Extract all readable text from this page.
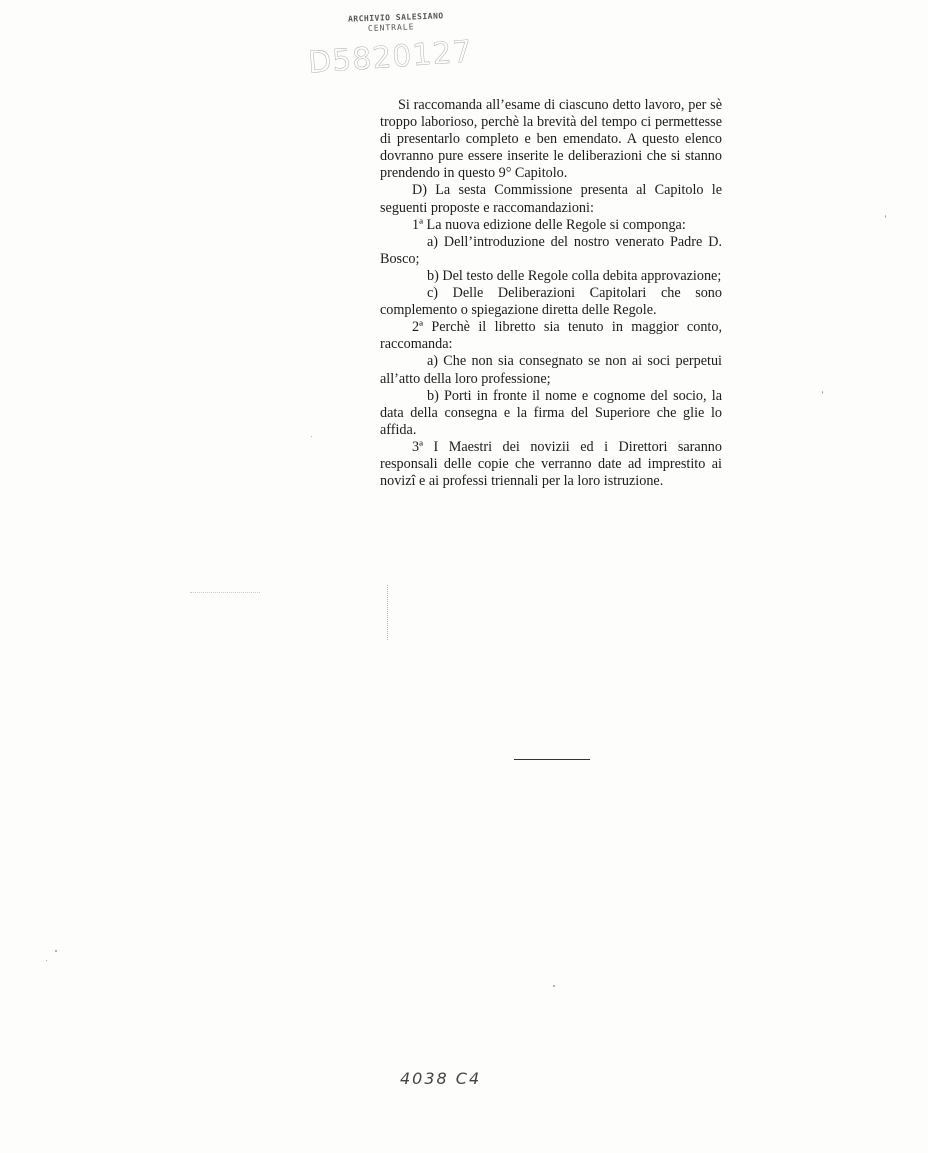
ARCHIVIO SALESIANO
CENTRALE
D5820127

Si raccomanda all’esame di ciascuno detto lavoro, per sè troppo laborioso, perchè la brevità del tempo ci permettesse di presentarlo completo e ben emendato. A questo elenco dovranno pure essere inserite le deliberazioni che si stanno prendendo in questo 9° Capitolo.

D) La sesta Commissione presenta al Capitolo le seguenti proposte e raccomandazioni:

1ª La nuova edizione delle Regole si componga:

a) Dell’introduzione del nostro venerato Padre D. Bosco;

b) Del testo delle Regole colla debita approvazione;

c) Delle Deliberazioni Capitolari che sono complemento o spiegazione diretta delle Regole.

2ª Perchè il libretto sia tenuto in maggior conto, raccomanda:

a) Che non sia consegnato se non ai soci perpetui all’atto della loro professione;

b) Porti in fronte il nome e cognome del socio, la data della consegna e la firma del Superiore che glie lo affida.

3ª I Maestri dei novizii ed i Direttori saranno responsali delle copie che verranno date ad imprestito ai novizî e ai professi triennali per la loro istruzione.

4038 C4
